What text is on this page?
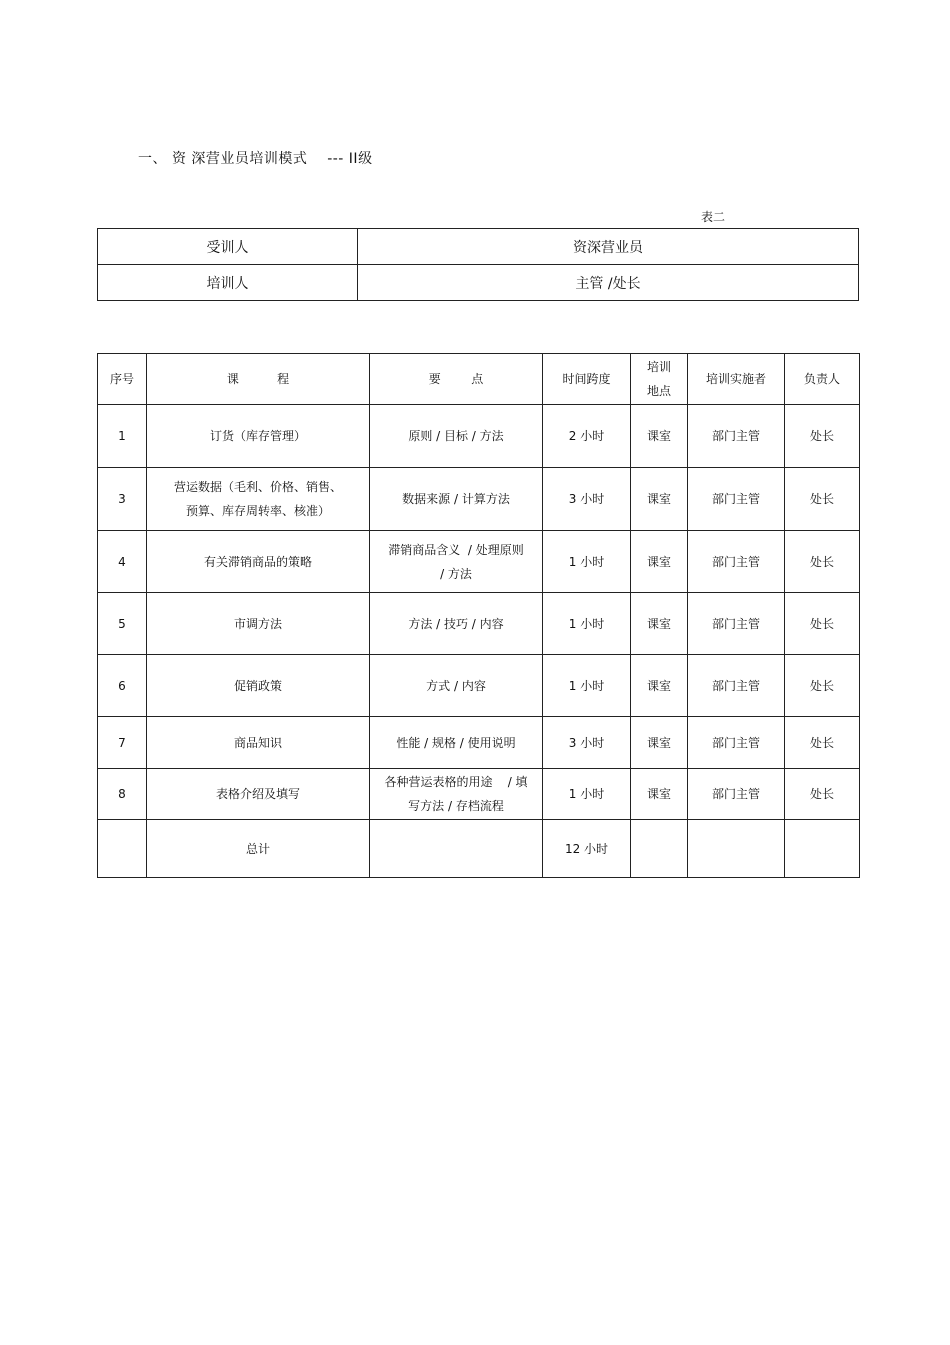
一、 资 深营业员培训模式    --- II级
表二
受训人	资深营业员
培训人	主管 /处长
序号	课          程	要        点	时间跨度	培训
地点	培训实施者	负责人
1	订货（库存管理）	原则 / 目标 / 方法	2 小时	课室	部门主管	处长
3	营运数据（毛利、价格、销售、
预算、库存周转率、核准）	数据来源 / 计算方法	3 小时	课室	部门主管	处长
4	有关滞销商品的策略	滞销商品含义  / 处理原则
/ 方法	1 小时	课室	部门主管	处长
5	市调方法	方法 / 技巧 / 内容	1 小时	课室	部门主管	处长
6	促销政策	方式 / 内容	1 小时	课室	部门主管	处长
7	商品知识	性能 / 规格 / 使用说明	3 小时	课室	部门主管	处长
8	表格介绍及填写	各种营运表格的用途    / 填
写方法 / 存档流程	1 小时	课室	部门主管	处长
	总计		12 小时			
